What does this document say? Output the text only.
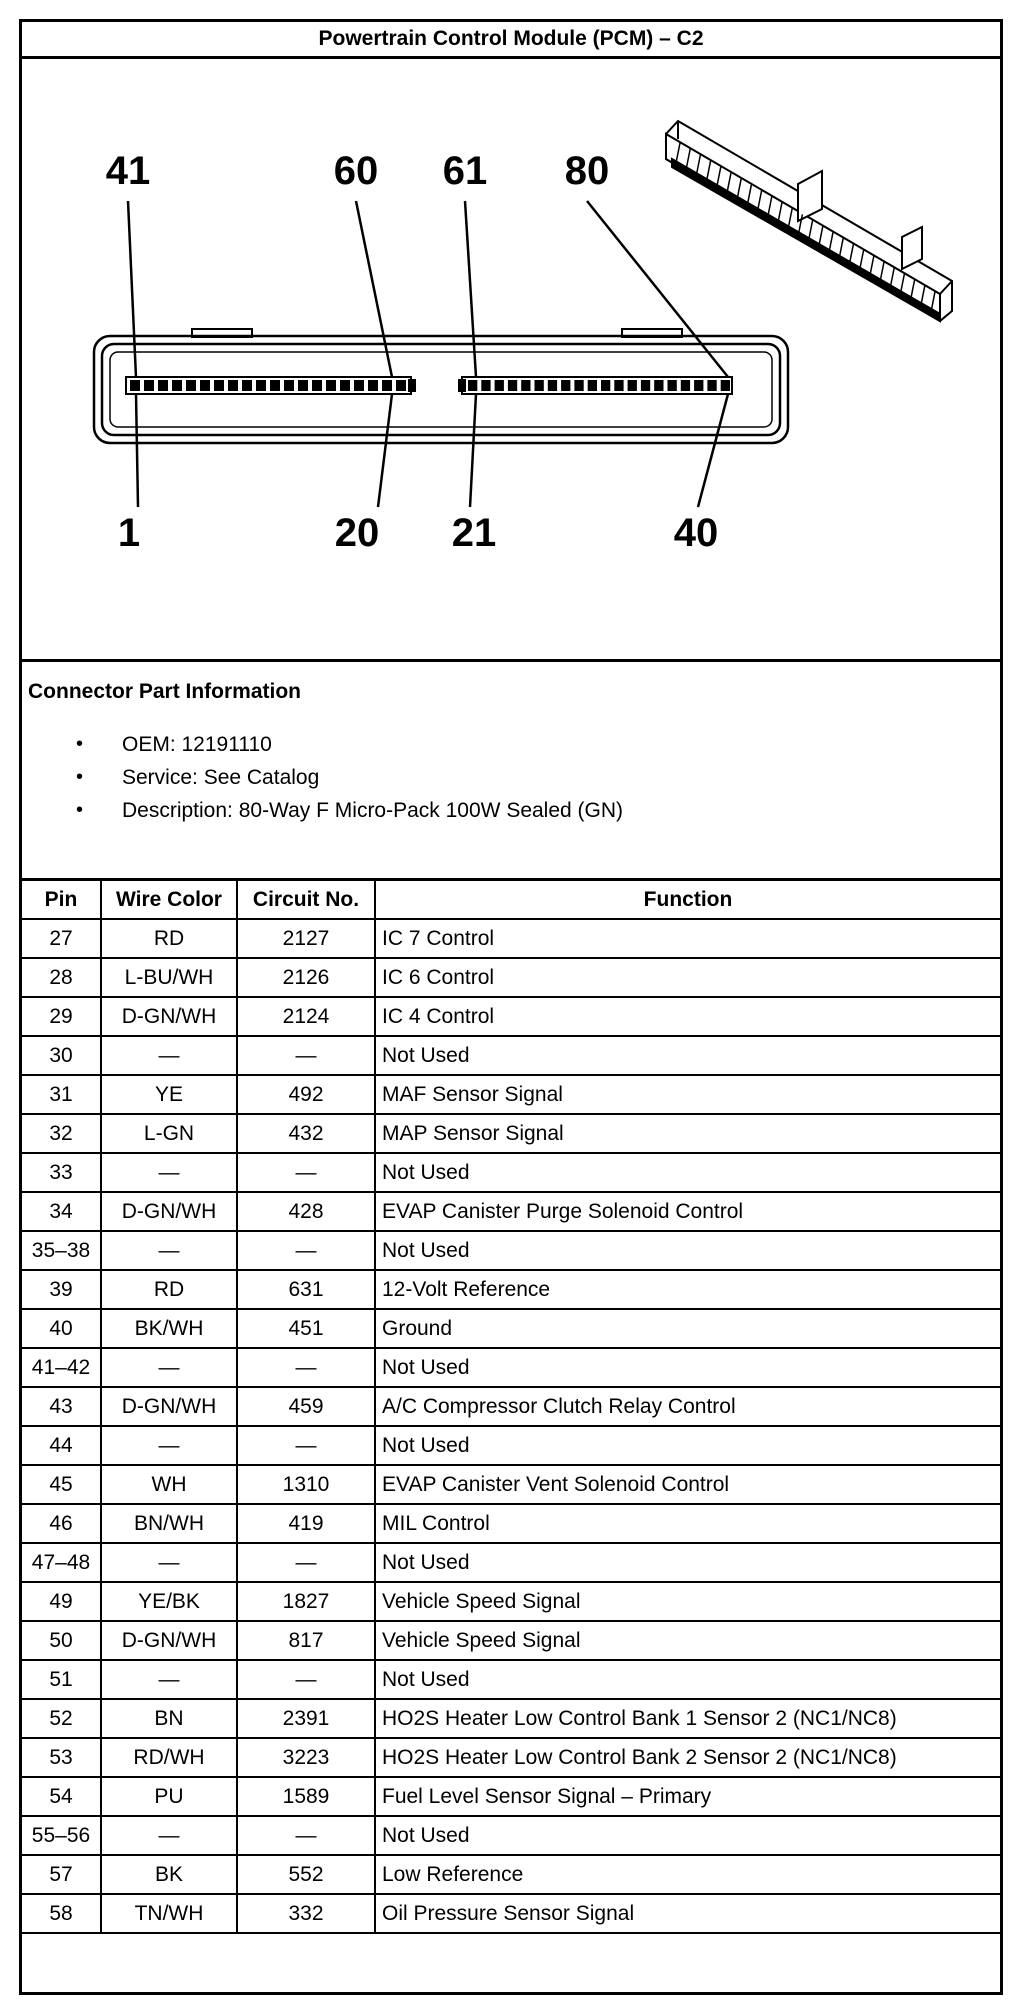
Powertrain Control Module (PCM) – C2
41	60 61 80
1	20 21	40
Connector Part Information
• OEM: 12191110
• Service: See Catalog
• Description: 80-Way F Micro-Pack 100W Sealed (GN)
Pin	Wire Color	Circuit No.	Function
27	RD	2127	IC 7 Control
28	L-BU/WH	2126	IC 6 Control
29	D-GN/WH	2124	IC 4 Control
30	—	—	Not Used
31	YE	492	MAF Sensor Signal
32	L-GN	432	MAP Sensor Signal
33	—	—	Not Used
34	D-GN/WH	428	EVAP Canister Purge Solenoid Control
35–38	—	—	Not Used
39	RD	631	12-Volt Reference
40	BK/WH	451	Ground
41–42	—	—	Not Used
43	D-GN/WH	459	A/C Compressor Clutch Relay Control
44	—	—	Not Used
45	WH	1310	EVAP Canister Vent Solenoid Control
46	BN/WH	419	MIL Control
47–48	—	—	Not Used
49	YE/BK	1827	Vehicle Speed Signal
50	D-GN/WH	817	Vehicle Speed Signal
51	—	—	Not Used
52	BN	2391	HO2S Heater Low Control Bank 1 Sensor 2 (NC1/NC8)
53	RD/WH	3223	HO2S Heater Low Control Bank 2 Sensor 2 (NC1/NC8)
54	PU	1589	Fuel Level Sensor Signal – Primary
55–56	—	—	Not Used
57	BK	552	Low Reference
58	TN/WH	332	Oil Pressure Sensor Signal
